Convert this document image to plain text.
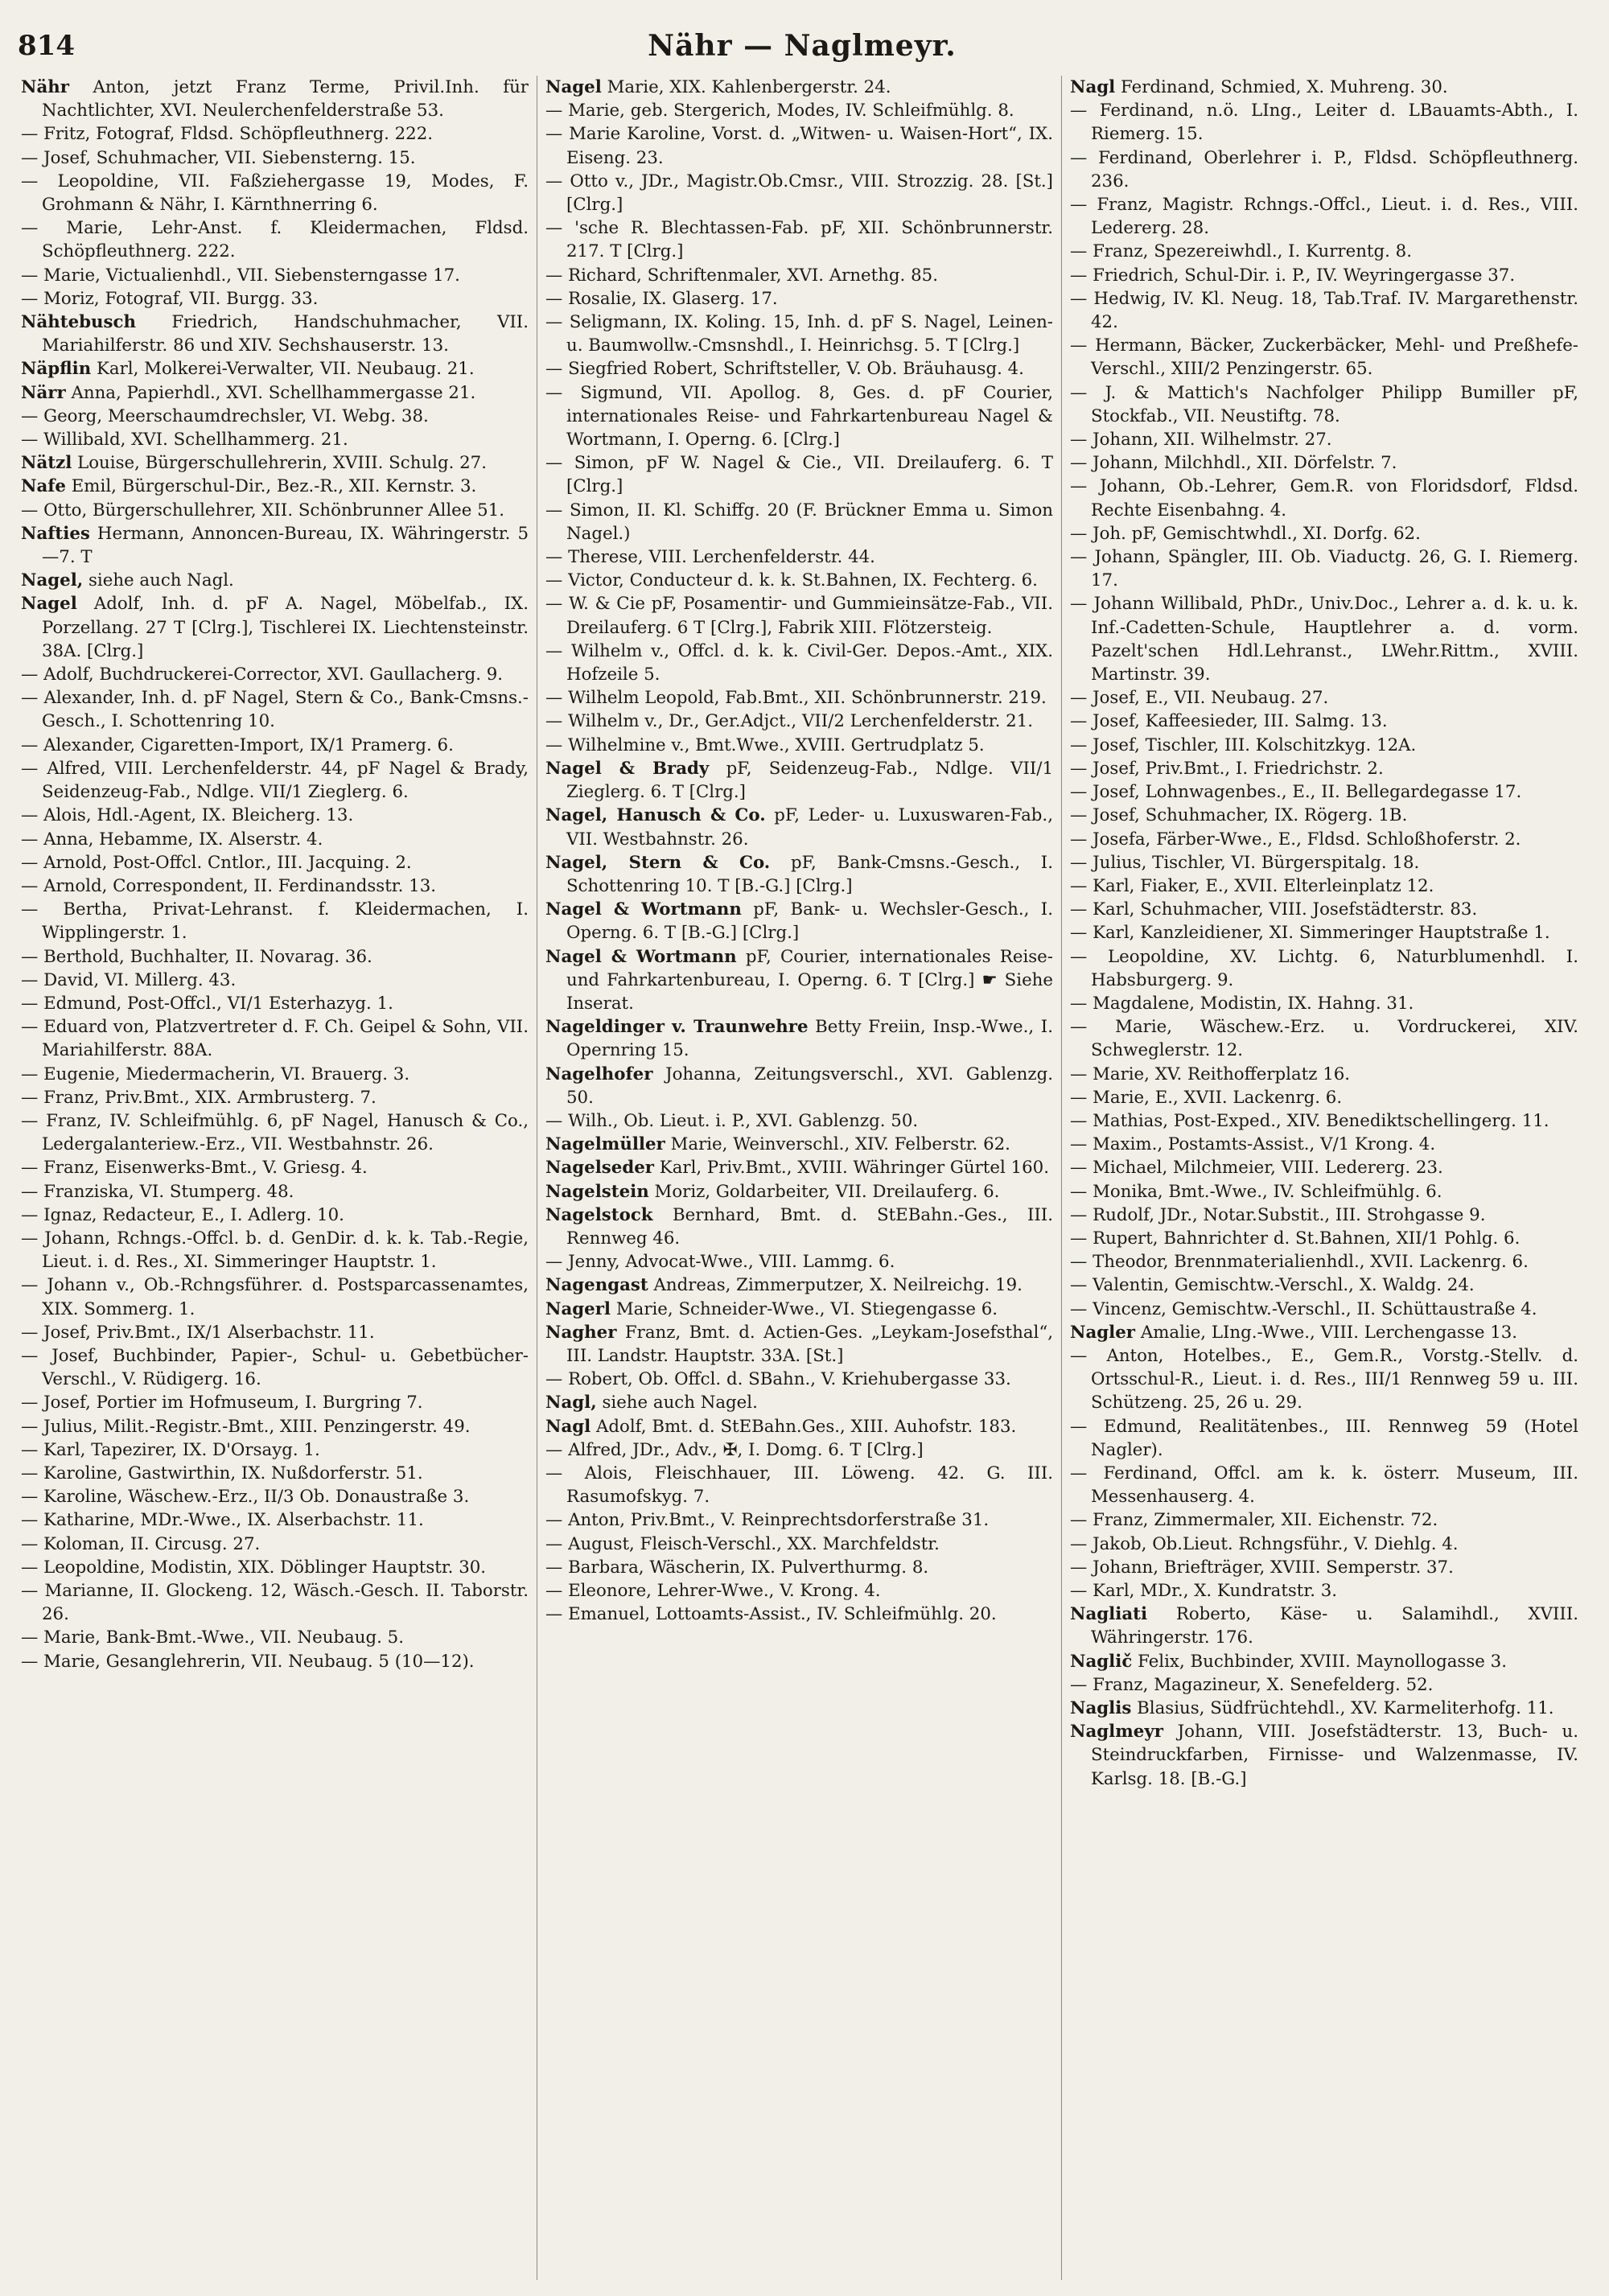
814	Nähr — Naglmeyr.

Nähr Anton, jetzt Franz Terme, Privil.Inh. für Nachtlichter, XVI. Neulerchenfelderstraße 53.

— Fritz, Fotograf, Fldsd. Schöpfleuthnerg. 222.

— Josef, Schuhmacher, VII. Siebensterng. 15.

— Leopoldine, VII. Faßziehergasse 19, Modes, F. Grohmann & Nähr, I. Kärnthnerring 6.

— Marie, Lehr-Anst. f. Kleidermachen, Fldsd. Schöpfleuthnerg. 222.

— Marie, Victualienhdl., VII. Siebensterngasse 17.

— Moriz, Fotograf, VII. Burgg. 33.

Nähtebusch Friedrich, Handschuhmacher, VII. Mariahilferstr. 86 und XIV. Sechshauserstr. 13.

Näpflin Karl, Molkerei-Verwalter, VII. Neubaug. 21.

Närr Anna, Papierhdl., XVI. Schellhammergasse 21.

— Georg, Meerschaumdrechsler, VI. Webg. 38.

— Willibald, XVI. Schellhammerg. 21.

Nätzl Louise, Bürgerschullehrerin, XVIII. Schulg. 27.

Nafe Emil, Bürgerschul-Dir., Bez.-R., XII. Kernstr. 3.

— Otto, Bürgerschullehrer, XII. Schönbrunner Allee 51.

Nafties Hermann, Annoncen-Bureau, IX. Währingerstr. 5—7. T

Nagel, siehe auch Nagl.

Nagel Adolf, Inh. d. pF A. Nagel, Möbelfab., IX. Porzellang. 27 T [Clrg.], Tischlerei IX. Liechtensteinstr. 38A. [Clrg.]

— Adolf, Buchdruckerei-Corrector, XVI. Gaullacherg. 9.

— Alexander, Inh. d. pF Nagel, Stern & Co., Bank-Cmsns.-Gesch., I. Schottenring 10.

— Alexander, Cigaretten-Import, IX/1 Pramerg. 6.

— Alfred, VIII. Lerchenfelderstr. 44, pF Nagel & Brady, Seidenzeug-Fab., Ndlge. VII/1 Zieglerg. 6.

— Alois, Hdl.-Agent, IX. Bleicherg. 13.

— Anna, Hebamme, IX. Alserstr. 4.

— Arnold, Post-Offcl. Cntlor., III. Jacquing. 2.

— Arnold, Correspondent, II. Ferdinandsstr. 13.

— Bertha, Privat-Lehranst. f. Kleidermachen, I. Wipplingerstr. 1.

— Berthold, Buchhalter, II. Novarag. 36.

— David, VI. Millerg. 43.

— Edmund, Post-Offcl., VI/1 Esterhazyg. 1.

— Eduard von, Platzvertreter d. F. Ch. Geipel & Sohn, VII. Mariahilferstr. 88A.

— Eugenie, Miedermacherin, VI. Brauerg. 3.

— Franz, Priv.Bmt., XIX. Armbrusterg. 7.

— Franz, IV. Schleifmühlg. 6, pF Nagel, Hanusch & Co., Ledergalanteriew.-Erz., VII. Westbahnstr. 26.

— Franz, Eisenwerks-Bmt., V. Griesg. 4.

— Franziska, VI. Stumperg. 48.

— Ignaz, Redacteur, E., I. Adlerg. 10.

— Johann, Rchngs.-Offcl. b. d. GenDir. d. k. k. Tab.-Regie, Lieut. i. d. Res., XI. Simmeringer Hauptstr. 1.

— Johann v., Ob.-Rchngsführer. d. Postsparcassenamtes, XIX. Sommerg. 1.

— Josef, Priv.Bmt., IX/1 Alserbachstr. 11.

— Josef, Buchbinder, Papier-, Schul- u. Gebetbücher-Verschl., V. Rüdigerg. 16.

— Josef, Portier im Hofmuseum, I. Burgring 7.

— Julius, Milit.-Registr.-Bmt., XIII. Penzingerstr. 49.

— Karl, Tapezirer, IX. D'Orsayg. 1.

— Karoline, Gastwirthin, IX. Nußdorferstr. 51.

— Karoline, Wäschew.-Erz., II/3 Ob. Donaustraße 3.

— Katharine, MDr.-Wwe., IX. Alserbachstr. 11.

— Koloman, II. Circusg. 27.

— Leopoldine, Modistin, XIX. Döblinger Hauptstr. 30.

— Marianne, II. Glockeng. 12, Wäsch.-Gesch. II. Taborstr. 26.

— Marie, Bank-Bmt.-Wwe., VII. Neubaug. 5.

— Marie, Gesanglehrerin, VII. Neubaug. 5 (10—12).

Nagel Marie, XIX. Kahlenbergerstr. 24.

— Marie, geb. Stergerich, Modes, IV. Schleifmühlg. 8.

— Marie Karoline, Vorst. d. „Witwen- u. Waisen-Hort“, IX. Eiseng. 23.

— Otto v., JDr., Magistr.Ob.Cmsr., VIII. Strozzig. 28. [St.] [Clrg.]

— 'sche R. Blechtassen-Fab. pF, XII. Schönbrunnerstr. 217. T [Clrg.]

— Richard, Schriftenmaler, XVI. Arnethg. 85.

— Rosalie, IX. Glaserg. 17.

— Seligmann, IX. Koling. 15, Inh. d. pF S. Nagel, Leinen- u. Baumwollw.-Cmsnshdl., I. Heinrichsg. 5. T [Clrg.]

— Siegfried Robert, Schriftsteller, V. Ob. Bräuhausg. 4.

— Sigmund, VII. Apollog. 8, Ges. d. pF Courier, internationales Reise- und Fahrkartenbureau Nagel & Wortmann, I. Operng. 6. [Clrg.]

— Simon, pF W. Nagel & Cie., VII. Dreilauferg. 6. T [Clrg.]

— Simon, II. Kl. Schiffg. 20 (F. Brückner Emma u. Simon Nagel.)

— Therese, VIII. Lerchenfelderstr. 44.

— Victor, Conducteur d. k. k. St.Bahnen, IX. Fechterg. 6.

— W. & Cie pF, Posamentir- und Gummieinsätze-Fab., VII. Dreilauferg. 6 T [Clrg.], Fabrik XIII. Flötzersteig.

— Wilhelm v., Offcl. d. k. k. Civil-Ger. Depos.-Amt., XIX. Hofzeile 5.

— Wilhelm Leopold, Fab.Bmt., XII. Schönbrunnerstr. 219.

— Wilhelm v., Dr., Ger.Adjct., VII/2 Lerchenfelderstr. 21.

— Wilhelmine v., Bmt.Wwe., XVIII. Gertrudplatz 5.

Nagel & Brady pF, Seidenzeug-Fab., Ndlge. VII/1 Zieglerg. 6. T [Clrg.]

Nagel, Hanusch & Co. pF, Leder- u. Luxuswaren-Fab., VII. Westbahnstr. 26.

Nagel, Stern & Co. pF, Bank-Cmsns.-Gesch., I. Schottenring 10. T [B.-G.] [Clrg.]

Nagel & Wortmann pF, Bank- u. Wechsler-Gesch., I. Operng. 6. T [B.-G.] [Clrg.]

Nagel & Wortmann pF, Courier, internationales Reise- und Fahrkartenbureau, I. Operng. 6. T [Clrg.] ☛ Siehe Inserat.

Nageldinger v. Traunwehre Betty Freiin, Insp.-Wwe., I. Opernring 15.

Nagelhofer Johanna, Zeitungsverschl., XVI. Gablenzg. 50.

— Wilh., Ob. Lieut. i. P., XVI. Gablenzg. 50.

Nagelmüller Marie, Weinverschl., XIV. Felberstr. 62.

Nagelseder Karl, Priv.Bmt., XVIII. Währinger Gürtel 160.

Nagelstein Moriz, Goldarbeiter, VII. Dreilauferg. 6.

Nagelstock Bernhard, Bmt. d. StEBahn.-Ges., III. Rennweg 46.

— Jenny, Advocat-Wwe., VIII. Lammg. 6.

Nagengast Andreas, Zimmerputzer, X. Neilreichg. 19.

Nagerl Marie, Schneider-Wwe., VI. Stiegengasse 6.

Nagher Franz, Bmt. d. Actien-Ges. „Leykam-Josefsthal“, III. Landstr. Hauptstr. 33A. [St.]

— Robert, Ob. Offcl. d. SBahn., V. Kriehubergasse 33.

Nagl, siehe auch Nagel.

Nagl Adolf, Bmt. d. StEBahn.Ges., XIII. Auhofstr. 183.

— Alfred, JDr., Adv., ✠, I. Domg. 6. T [Clrg.]

— Alois, Fleischhauer, III. Löweng. 42. G. III. Rasumofskyg. 7.

— Anton, Priv.Bmt., V. Reinprechtsdorferstraße 31.

— August, Fleisch-Verschl., XX. Marchfeldstr.

— Barbara, Wäscherin, IX. Pulverthurmg. 8.

— Eleonore, Lehrer-Wwe., V. Krong. 4.

— Emanuel, Lottoamts-Assist., IV. Schleifmühlg. 20.

Nagl Ferdinand, Schmied, X. Muhreng. 30.

— Ferdinand, n.ö. LIng., Leiter d. LBauamts-Abth., I. Riemerg. 15.

— Ferdinand, Oberlehrer i. P., Fldsd. Schöpfleuthnerg. 236.

— Franz, Magistr. Rchngs.-Offcl., Lieut. i. d. Res., VIII. Ledererg. 28.

— Franz, Spezereiwhdl., I. Kurrentg. 8.

— Friedrich, Schul-Dir. i. P., IV. Weyringergasse 37.

— Hedwig, IV. Kl. Neug. 18, Tab.Traf. IV. Margarethenstr. 42.

— Hermann, Bäcker, Zuckerbäcker, Mehl- und Preßhefe-Verschl., XIII/2 Penzingerstr. 65.

— J. & Mattich's Nachfolger Philipp Bumiller pF, Stockfab., VII. Neustiftg. 78.

— Johann, XII. Wilhelmstr. 27.

— Johann, Milchhdl., XII. Dörfelstr. 7.

— Johann, Ob.-Lehrer, Gem.R. von Floridsdorf, Fldsd. Rechte Eisenbahng. 4.

— Joh. pF, Gemischtwhdl., XI. Dorfg. 62.

— Johann, Spängler, III. Ob. Viaductg. 26, G. I. Riemerg. 17.

— Johann Willibald, PhDr., Univ.Doc., Lehrer a. d. k. u. k. Inf.-Cadetten-Schule, Hauptlehrer a. d. vorm. Pazelt'schen Hdl.Lehranst., LWehr.Rittm., XVIII. Martinstr. 39.

— Josef, E., VII. Neubaug. 27.

— Josef, Kaffeesieder, III. Salmg. 13.

— Josef, Tischler, III. Kolschitzkyg. 12A.

— Josef, Priv.Bmt., I. Friedrichstr. 2.

— Josef, Lohnwagenbes., E., II. Bellegardegasse 17.

— Josef, Schuhmacher, IX. Rögerg. 1B.

— Josefa, Färber-Wwe., E., Fldsd. Schloßhoferstr. 2.

— Julius, Tischler, VI. Bürgerspitalg. 18.

— Karl, Fiaker, E., XVII. Elterleinplatz 12.

— Karl, Schuhmacher, VIII. Josefstädterstr. 83.

— Karl, Kanzleidiener, XI. Simmeringer Hauptstraße 1.

— Leopoldine, XV. Lichtg. 6, Naturblumenhdl. I. Habsburgerg. 9.

— Magdalene, Modistin, IX. Hahng. 31.

— Marie, Wäschew.-Erz. u. Vordruckerei, XIV. Schweglerstr. 12.

— Marie, XV. Reithofferplatz 16.

— Marie, E., XVII. Lackenrg. 6.

— Mathias, Post-Exped., XIV. Benediktschellingerg. 11.

— Maxim., Postamts-Assist., V/1 Krong. 4.

— Michael, Milchmeier, VIII. Ledererg. 23.

— Monika, Bmt.-Wwe., IV. Schleifmühlg. 6.

— Rudolf, JDr., Notar.Substit., III. Strohgasse 9.

— Rupert, Bahnrichter d. St.Bahnen, XII/1 Pohlg. 6.

— Theodor, Brennmaterialienhdl., XVII. Lackenrg. 6.

— Valentin, Gemischtw.-Verschl., X. Waldg. 24.

— Vincenz, Gemischtw.-Verschl., II. Schüttaustraße 4.

Nagler Amalie, LIng.-Wwe., VIII. Lerchengasse 13.

— Anton, Hotelbes., E., Gem.R., Vorstg.-Stellv. d. Ortsschul-R., Lieut. i. d. Res., III/1 Rennweg 59 u. III. Schützeng. 25, 26 u. 29.

— Edmund, Realitätenbes., III. Rennweg 59 (Hotel Nagler).

— Ferdinand, Offcl. am k. k. österr. Museum, III. Messenhauserg. 4.

— Franz, Zimmermaler, XII. Eichenstr. 72.

— Jakob, Ob.Lieut. Rchngsführ., V. Diehlg. 4.

— Johann, Briefträger, XVIII. Semperstr. 37.

— Karl, MDr., X. Kundratstr. 3.

Nagliati Roberto, Käse- u. Salamihdl., XVIII. Währingerstr. 176.

Naglič Felix, Buchbinder, XVIII. Maynollogasse 3.

— Franz, Magazineur, X. Senefelderg. 52.

Naglis Blasius, Südfrüchtehdl., XV. Karmeliterhofg. 11.

Naglmeyr Johann, VIII. Josefstädterstr. 13, Buch- u. Steindruckfarben, Firnisse- und Walzenmasse, IV. Karlsg. 18. [B.-G.]
